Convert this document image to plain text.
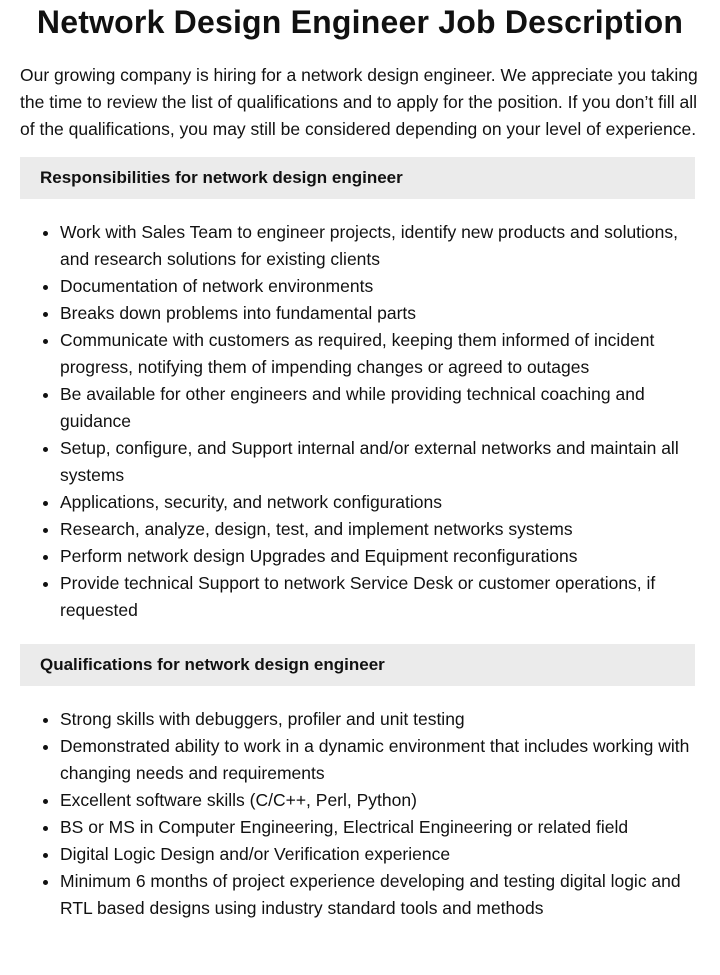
Network Design Engineer Job Description

Our growing company is hiring for a network design engineer. We appreciate you taking the time to review the list of qualifications and to apply for the position. If you don’t fill all of the qualifications, you may still be considered depending on your level of experience.

Responsibilities for network design engineer
• Work with Sales Team to engineer projects, identify new products and solutions, and research solutions for existing clients
• Documentation of network environments
• Breaks down problems into fundamental parts
• Communicate with customers as required, keeping them informed of incident progress, notifying them of impending changes or agreed to outages
• Be available for other engineers and while providing technical coaching and guidance
• Setup, configure, and Support internal and/or external networks and maintain all systems
• Applications, security, and network configurations
• Research, analyze, design, test, and implement networks systems
• Perform network design Upgrades and Equipment reconfigurations
• Provide technical Support to network Service Desk or customer operations, if requested
Qualifications for network design engineer
• Strong skills with debuggers, profiler and unit testing
• Demonstrated ability to work in a dynamic environment that includes working with changing needs and requirements
• Excellent software skills (C/C++, Perl, Python)
• BS or MS in Computer Engineering, Electrical Engineering or related field
• Digital Logic Design and/or Verification experience
• Minimum 6 months of project experience developing and testing digital logic and RTL based designs using industry standard tools and methods
